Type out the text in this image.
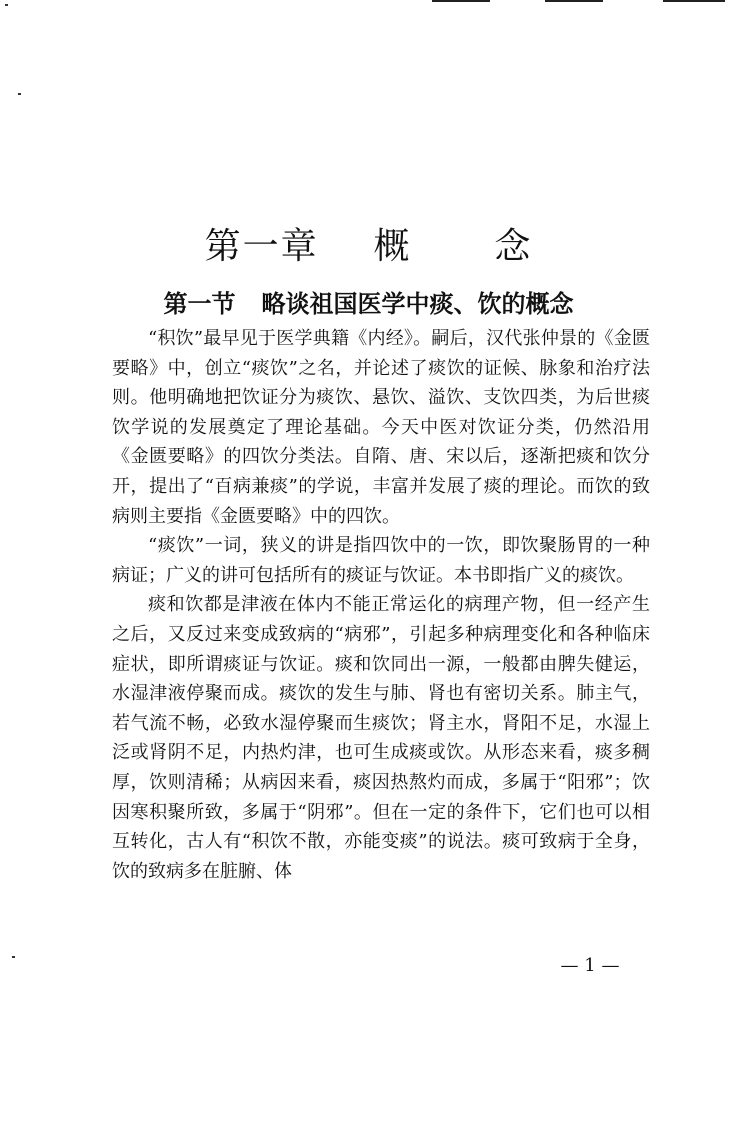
第一章 概 念
第一节 略谈祖国医学中痰、饮的概念

“积饮”最早见于医学典籍《内经》。嗣后，汉代张仲景的《金匮要略》中，创立“痰饮”之名，并论述了痰饮的证候、脉象和治疗法则。他明确地把饮证分为痰饮、悬饮、溢饮、支饮四类，为后世痰饮学说的发展奠定了理论基础。今天中医对饮证分类，仍然沿用《金匮要略》的四饮分类法。自隋、唐、宋以后，逐渐把痰和饮分开，提出了“百病兼痰”的学说，丰富并发展了痰的理论。而饮的致病则主要指《金匮要略》中的四饮。

“痰饮”一词，狭义的讲是指四饮中的一饮，即饮聚肠胃的一种病证；广义的讲可包括所有的痰证与饮证。本书即指广义的痰饮。

痰和饮都是津液在体内不能正常运化的病理产物，但一经产生之后，又反过来变成致病的“病邪”，引起多种病理变化和各种临床症状，即所谓痰证与饮证。痰和饮同出一源，一般都由脾失健运，水湿津液停聚而成。痰饮的发生与肺、肾也有密切关系。肺主气，若气流不畅，必致水湿停聚而生痰饮；肾主水，肾阳不足，水湿上泛或肾阴不足，内热灼津，也可生成痰或饮。从形态来看，痰多稠厚，饮则清稀；从病因来看，痰因热熬灼而成，多属于“阳邪”；饮因寒积聚所致，多属于“阴邪”。但在一定的条件下，它们也可以相互转化，古人有“积饮不散，亦能变痰”的说法。痰可致病于全身，饮的致病多在脏腑、体

— 1 —
